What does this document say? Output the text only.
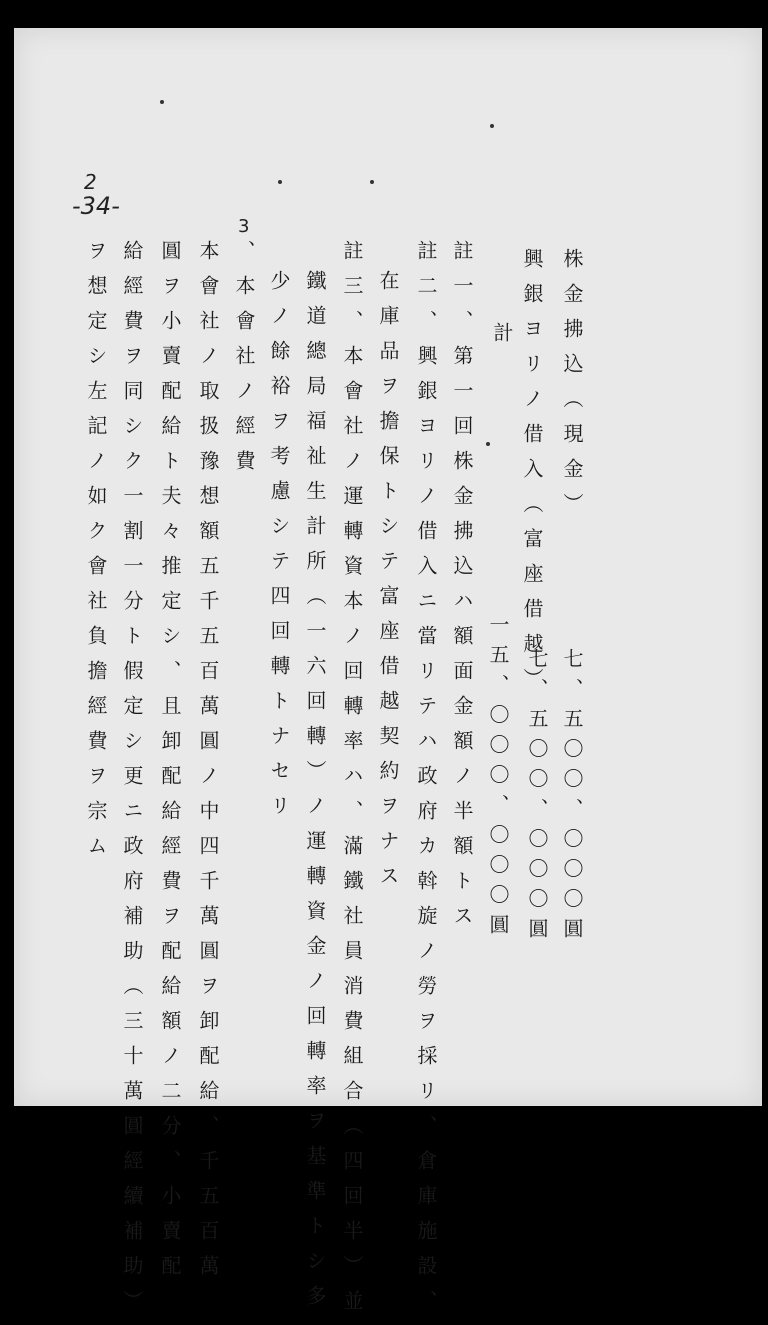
2
-34-
3
株金拂込（現金）
興銀ヨリノ借入（富座借越）
計
七、五〇〇、〇〇〇圓
七、五〇〇、〇〇〇圓
一五、〇〇〇、〇〇〇圓
註一、第一回株金拂込ハ額面金額ノ半額トス
註二、興銀ヨリノ借入ニ當リテハ政府カ斡旋ノ勞ヲ採リ、倉庫施設、
在庫品ヲ擔保トシテ富座借越契約ヲナス
註三、本會社ノ運轉資本ノ回轉率ハ、滿鐵社員消費組合（四回半）並
鐵道總局福祉生計所（一六回轉）ノ運轉資金ノ回轉率ヲ基準トシ多
少ノ餘裕ヲ考慮シテ四回轉トナセリ
、本會社ノ經費
本會社ノ取扱豫想額五千五百萬圓ノ中四千萬圓ヲ卸配給、千五百萬
圓ヲ小賣配給ト夫々推定シ、且卸配給經費ヲ配給額ノ二分、小賣配
給經費ヲ同シク一割一分ト假定シ更ニ政府補助（三十萬圓經續補助）
ヲ想定シ左記ノ如ク會社負擔經費ヲ宗ム
